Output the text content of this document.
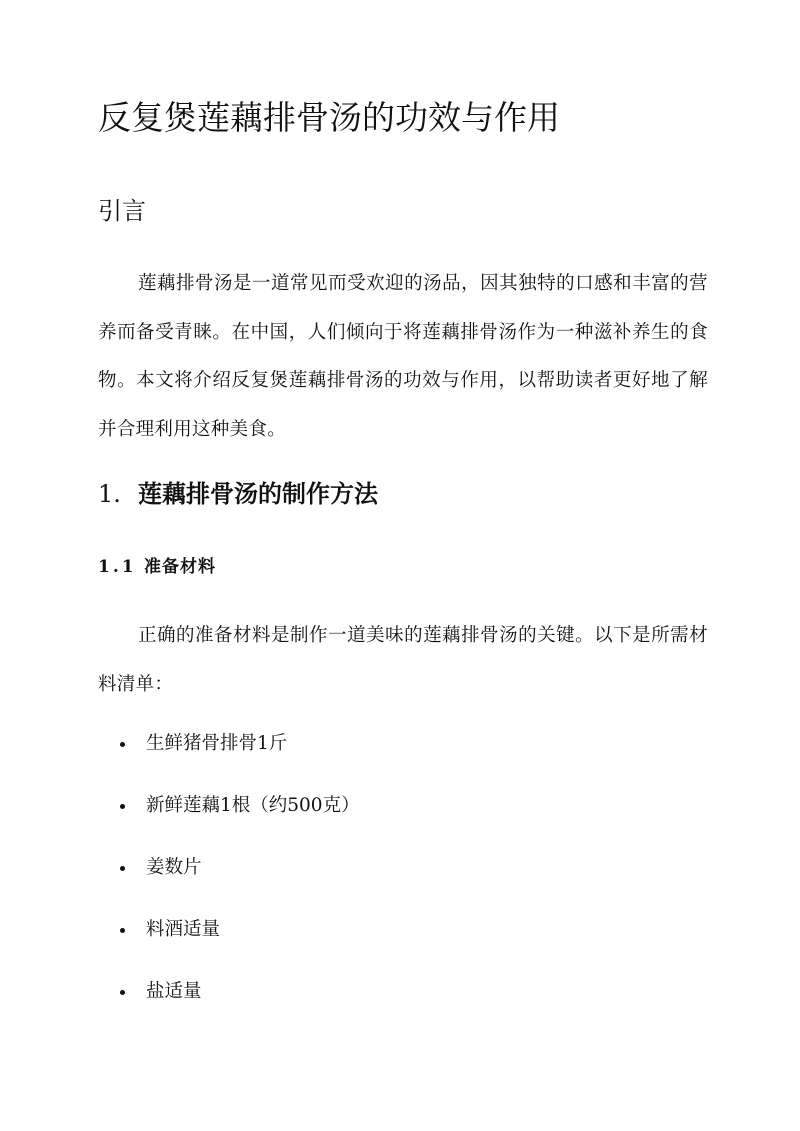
反复煲莲藕排骨汤的功效与作用
引言

莲藕排骨汤是一道常见而受欢迎的汤品，因其独特的口感和丰富的营养而备受青睐。在中国，人们倾向于将莲藕排骨汤作为一种滋补养生的食物。本文将介绍反复煲莲藕排骨汤的功效与作用，以帮助读者更好地了解并合理利用这种美食。

1. 莲藕排骨汤的制作方法
1.1 准备材料

正确的准备材料是制作一道美味的莲藕排骨汤的关键。以下是所需材料清单：

生鲜猪骨排骨1斤
新鲜莲藕1根（约500克）
姜数片
料酒适量
盐适量
